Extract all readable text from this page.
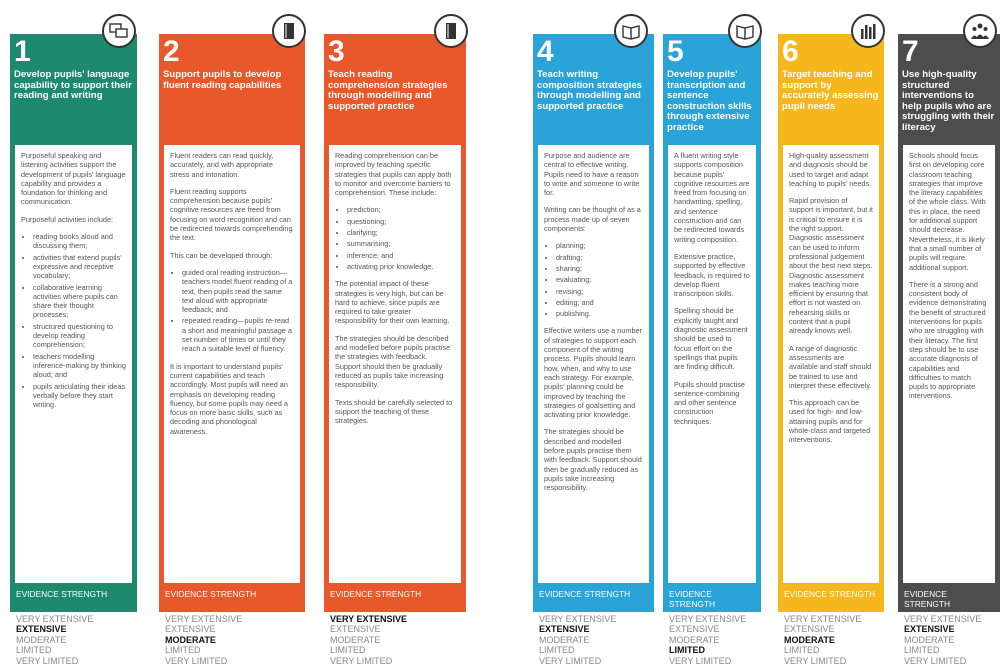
1
Develop pupils' language capability to support their reading and writing

Purposeful speaking and listening activities support the development of pupils' language capability and provides a foundation for thinking and communication.

Purposeful activities include:

• reading books aloud and discussing them;
• activities that extend pupils' expressive and receptive vocabulary;
• collaborative learning activities where pupils can share their thought processes;
• structured questioning to develop reading comprehension;
• teachers modelling inference-making by thinking aloud; and
• pupils articulating their ideas verbally before they start writing.
EVIDENCE STRENGTH
VERY EXTENSIVE
EXTENSIVE
MODERATE
LIMITED
VERY LIMITED
2
Support pupils to develop fluent reading capabilities

Fluent readers can read quickly, accurately, and with appropriate stress and intonation.

Fluent reading supports comprehension because pupils' cognitive resources are freed from focusing on word recognition and can be redirected towards comprehending the text.

This can be developed through:

• guided oral reading instruction—teachers model fluent reading of a text, then pupils read the same text aloud with appropriate feedback; and
• repeated reading—pupils re-read a short and meaningful passage a set number of times or until they reach a suitable level of fluency.

It is important to understand pupils' current capabilities and teach accordingly. Most pupils will need an emphasis on developing reading fluency, but some pupils may need a focus on more basic skills, such as decoding and phonological awareness.

EVIDENCE STRENGTH
VERY EXTENSIVE
EXTENSIVE
MODERATE
LIMITED
VERY LIMITED
3
Teach reading comprehension strategies through modelling and supported practice

Reading comprehension can be improved by teaching specific strategies that pupils can apply both to monitor and overcome barriers to comprehension. These include:

• prediction;
• questioning;
• clarifying;
• summarising;
• inference; and
• activating prior knowledge.

The potential impact of these strategies is very high, but can be hard to achieve, since pupils are required to take greater responsibility for their own learning.

The strategies should be described and modelled before pupils practise the strategies with feedback. Support should then be gradually reduced as pupils take increasing responsibility.

Texts should be carefully selected to support the teaching of these strategies.

EVIDENCE STRENGTH
VERY EXTENSIVE
EXTENSIVE
MODERATE
LIMITED
VERY LIMITED
4
Teach writing composition strategies through modelling and supported practice

Purpose and audience are central to effective writing. Pupils need to have a reason to write and someone to write for.

Writing can be thought of as a process made up of seven components:

• planning;
• drafting;
• sharing;
• evaluating;
• revising;
• editing; and
• publishing.

Effective writers use a number of strategies to support each component of the writing process. Pupils should learn how, when, and why to use each strategy. For example, pupils' planning could be improved by teaching the strategies of goalsetting and activating prior knowledge.

The strategies should be described and modelled before pupils practise them with feedback. Support should then be gradually reduced as pupils take increasing responsibility.

EVIDENCE STRENGTH
VERY EXTENSIVE
EXTENSIVE
MODERATE
LIMITED
VERY LIMITED
5
Develop pupils' transcription and sentence construction skills through extensive practice

A fluent writing style supports composition because pupils' cognitive resources are freed from focusing on handwriting, spelling, and sentence construction and can be redirected towards writing composition.

Extensive practice, supported by effective feedback, is required to develop fluent transcription skills.

Spelling should be explicitly taught and diagnostic assessment should be used to focus effort on the spellings that pupils are finding difficult.

Pupils should practise sentence-combining and other sentence construction techniques.

EVIDENCE STRENGTH
VERY EXTENSIVE
EXTENSIVE
MODERATE
LIMITED
VERY LIMITED
6
Target teaching and support by accurately assessing pupil needs

High-quality assessment and diagnosis should be used to target and adapt teaching to pupils' needs.

Rapid provision of support is important, but it is critical to ensure it is the right support. Diagnostic assessment can be used to inform professional judgement about the best next steps. Diagnostic assessment makes teaching more efficient by ensuring that effort is not wasted on rehearsing skills or content that a pupil already knows well.

A range of diagnostic assessments are available and staff should be trained to use and interpret these effectively.

This approach can be used for high- and low-attaining pupils and for whole-class and targeted interventions.

EVIDENCE STRENGTH
VERY EXTENSIVE
EXTENSIVE
MODERATE
LIMITED
VERY LIMITED
7
Use high-quality structured interventions to help pupils who are struggling with their literacy

Schools should focus first on developing core classroom teaching strategies that improve the literacy capabilities of the whole class. With this in place, the need for additional support should decrease. Nevertheless, it is likely that a small number of pupils will require additional support.

There is a strong and consistent body of evidence demonstrating the benefit of structured interventions for pupils who are struggling with their literacy. The first step should be to use accurate diagnosis of capabilities and difficulties to match pupils to appropriate interventions.

EVIDENCE STRENGTH
VERY EXTENSIVE
EXTENSIVE
MODERATE
LIMITED
VERY LIMITED
